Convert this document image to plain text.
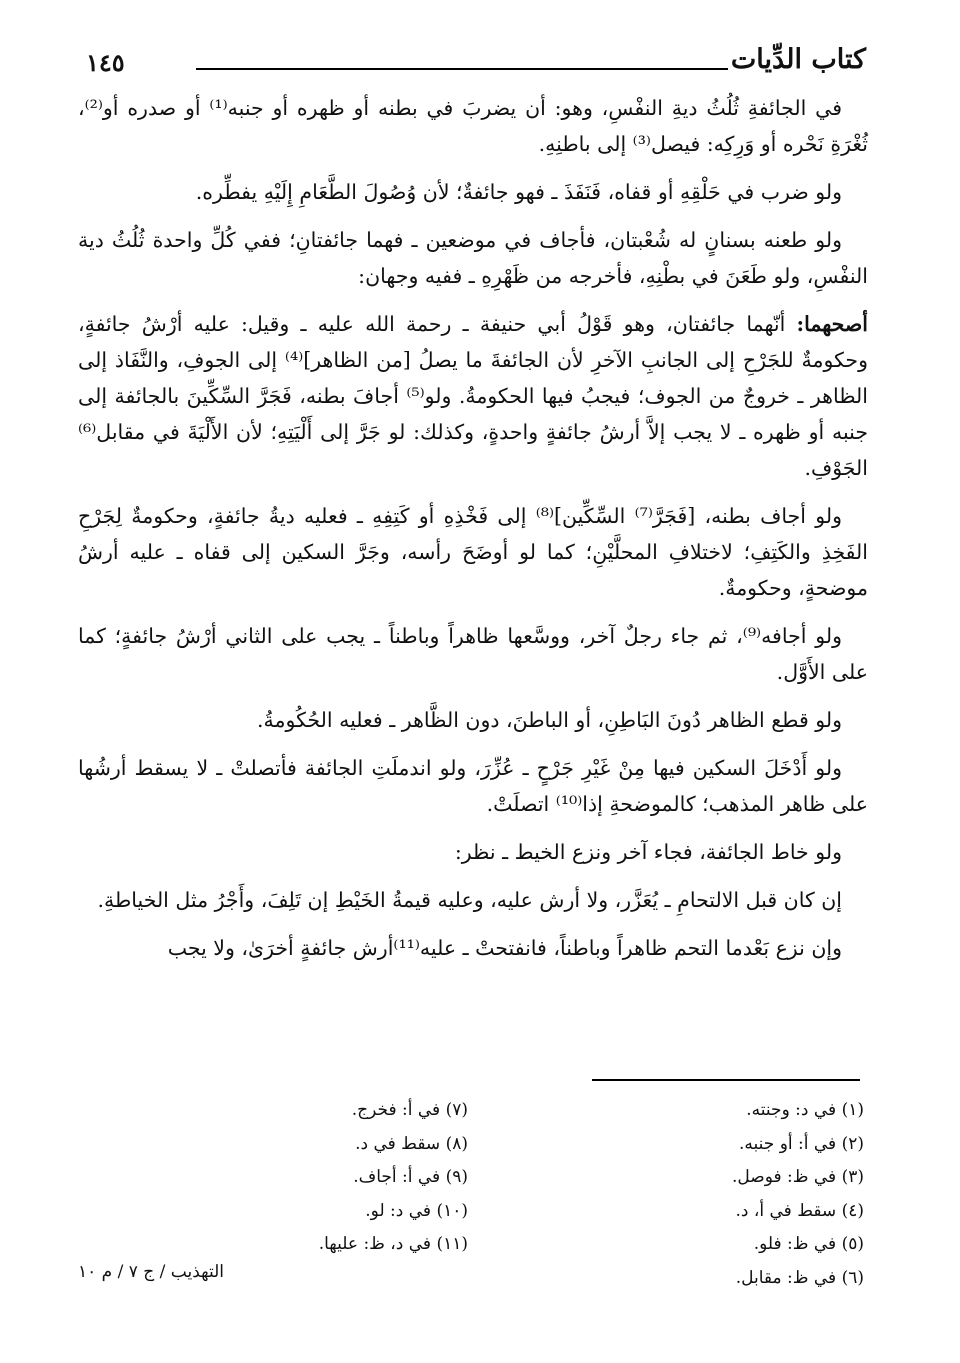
١٤٥	كتاب الدِّيات

في الجائفةِ ثُلُثُ ديةِ النفْسِ، وهو: أن يضربَ في بطنه أو ظهره أو جنبه⁽¹⁾ أو صدره أو⁽²⁾، ثُغْرَةِ نَحْره أو وَرِكِه: فيصل⁽³⁾ إلى باطنِهِ.

ولو ضرب في حَلْقِهِ أو قفاه، فَنَفَذَ ـ فهو جائفةٌ؛ لأن وُصُولَ الطَّعَامِ إِلَيْهِ يفطِّره.

ولو طعنه بسنانٍ له شُعْبتان، فأجاف في موضعين ـ فهما جائفتانِ؛ ففي كُلِّ واحدة ثُلُثُ دية النفْسِ، ولو طَعَنَ في بطْنِهِ، فأخرجه من ظَهْرِهِ ـ ففيه وجهان:

أصحهما: أنّهما جائفتان، وهو قَوْلُ أبي حنيفة ـ رحمة الله عليه ـ وقيل: عليه أرْشُ جائفةٍ، وحكومةٌ للجَرْحِ إلى الجانبِ الآخرِ لأن الجائفةَ ما يصلُ [من الظاهر]⁽⁴⁾ إلى الجوفِ، والنَّفَاذ إلى الظاهر ـ خروجٌ من الجوف؛ فيجبُ فيها الحكومةُ. ولو⁽⁵⁾ أجافَ بطنه، فَجَرَّ السِّكِّينَ بالجائفة إلى جنبه أو ظهره ـ لا يجب إلاَّ أرشُ جائفةٍ واحدةٍ، وكذلك: لو جَرَّ إلى أَلْيَتِهِ؛ لأن الأَلْيَةَ في مقابل⁽⁶⁾ الجَوْفِ.

ولو أجاف بطنه، [فَجَرَّ⁽⁷⁾ السِّكِّين]⁽⁸⁾ إلى فَخْذِهِ أو كَتِفِهِ ـ فعليه ديةُ جائفةٍ، وحكومةٌ لِجَرْحِ الفَخِذِ والكَتِفِ؛ لاختلافِ المحلَّيْنِ؛ كما لو أوضَحَ رأسه، وجَرَّ السكين إلى قفاه ـ عليه أرشُ موضحةٍ، وحكومةٌ.

ولو أجافه⁽⁹⁾، ثم جاء رجلٌ آخر، ووسَّعها ظاهراً وباطناً ـ يجب على الثاني أرْشُ جائفةٍ؛ كما على الأَوَّل.

ولو قطع الظاهر دُونَ البَاطِنِ، أو الباطنَ، دون الظَّاهر ـ فعليه الحُكُومةُ.

ولو أَدْخَلَ السكين فيها مِنْ غَيْرِ جَرْحٍ ـ عُزِّرَ، ولو اندملَتِ الجائفة فأتصلتْ ـ لا يسقط أرشُها على ظاهر المذهب؛ كالموضحةِ إذا⁽¹⁰⁾ اتصلَتْ.

ولو خاط الجائفة، فجاء آخر ونزع الخيط ـ نظر:

إن كان قبل الالتحامِ ـ يُعَزَّر، ولا أرش عليه، وعليه قيمةُ الخَيْطِ إن تَلِفَ، وأَجْرُ مثل الخياطةِ.

وإن نزع بَعْدما التحم ظاهراً وباطناً، فانفتحتْ ـ عليه⁽¹¹⁾أرش جائفةٍ أخرَىٰ، ولا يجب

(١) في د: وجنته.
(٢) في أ: أو جنبه.
(٣) في ظ: فوصل.
(٤) سقط في أ، د.
(٥) في ظ: فلو.
(٦) في ظ: مقابل.
(٧) في أ: فخرج.
(٨) سقط في د.
(٩) في أ: أجاف.
(١٠) في د: لو.
(١١) في د، ظ: عليها.
التهذيب / ج ٧ / م ١٠
